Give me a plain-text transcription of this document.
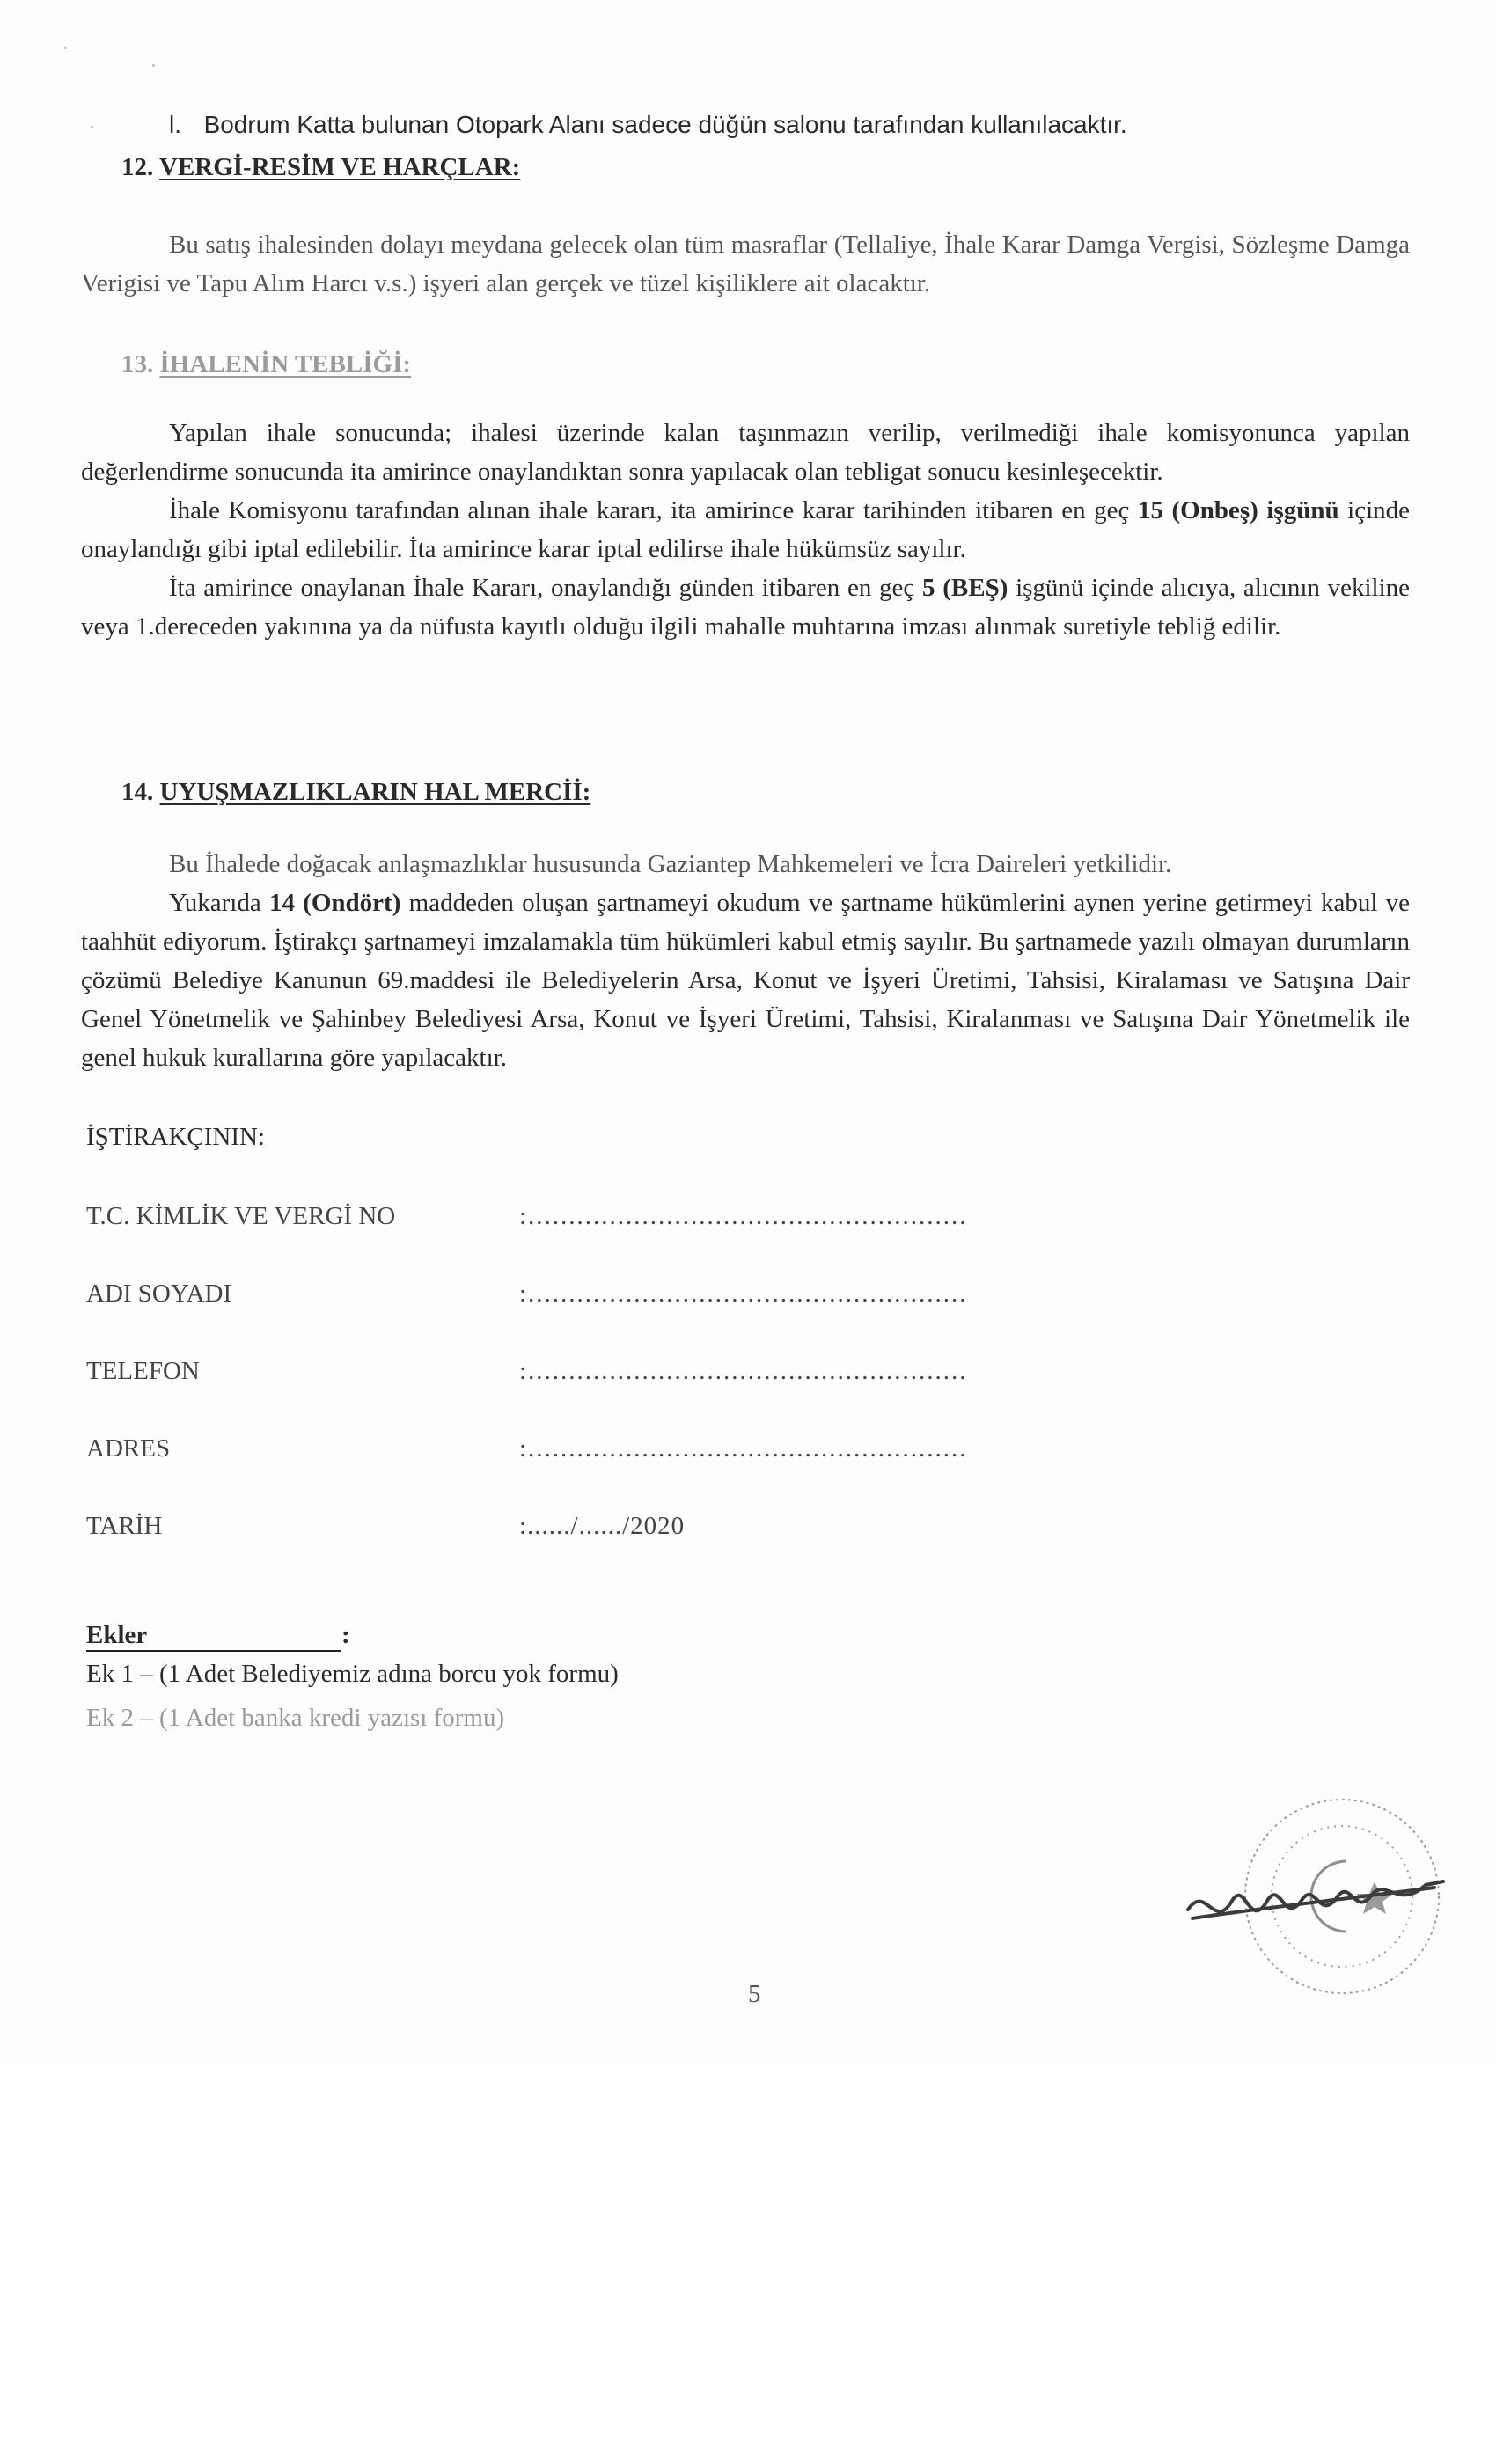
·
·
·
l. Bodrum Katta bulunan Otopark Alanı sadece düğün salonu tarafından kullanılacaktır.
12. VERGİ-RESİM VE HARÇLAR:

Bu satış ihalesinden dolayı meydana gelecek olan tüm masraflar (Tellaliye, İhale Karar Damga Vergisi, Sözleşme Damga Verigisi ve Tapu Alım Harcı v.s.) işyeri alan gerçek ve tüzel kişiliklere ait olacaktır.

13. İHALENİN TEBLİĞİ:

Yapılan ihale sonucunda; ihalesi üzerinde kalan taşınmazın verilip, verilmediği ihale komisyonunca yapılan değerlendirme sonucunda ita amirince onaylandıktan sonra yapılacak olan tebligat sonucu kesinleşecektir.

İhale Komisyonu tarafından alınan ihale kararı, ita amirince karar tarihinden itibaren en geç 15 (Onbeş) işgünü içinde onaylandığı gibi iptal edilebilir. İta amirince karar iptal edilirse ihale hükümsüz sayılır.

İta amirince onaylanan İhale Kararı, onaylandığı günden itibaren en geç 5 (BEŞ) işgünü içinde alıcıya, alıcının vekiline veya 1.dereceden yakınına ya da nüfusta kayıtlı olduğu ilgili mahalle muhtarına imzası alınmak suretiyle tebliğ edilir.

14. UYUŞMAZLIKLARIN HAL MERCİİ:

Bu İhalede doğacak anlaşmazlıklar hususunda Gaziantep Mahkemeleri ve İcra Daireleri yetkilidir.

Yukarıda 14 (Ondört) maddeden oluşan şartnameyi okudum ve şartname hükümlerini aynen yerine getirmeyi kabul ve taahhüt ediyorum. İştirakçı şartnameyi imzalamakla tüm hükümleri kabul etmiş sayılır. Bu şartnamede yazılı olmayan durumların çözümü Belediye Kanunun 69.maddesi ile Belediyelerin Arsa, Konut ve İşyeri Üretimi, Tahsisi, Kiralaması ve Satışına Dair Genel Yönetmelik ve Şahinbey Belediyesi Arsa, Konut ve İşyeri Üretimi, Tahsisi, Kiralanması ve Satışına Dair Yönetmelik ile genel hukuk kurallarına göre yapılacaktır.

İŞTİRAKÇININ:
T.C. KİMLİK VE VERGİ NO	:......................................................
ADI SOYADI	:......................................................
TELEFON	:......................................................
ADRES	:......................................................
TARİH	:....../....../2020
Ekler	:
Ek 1 – (1 Adet Belediyemiz adına borcu yok formu)
Ek 2 – (1 Adet banka kredi yazısı formu)
5
